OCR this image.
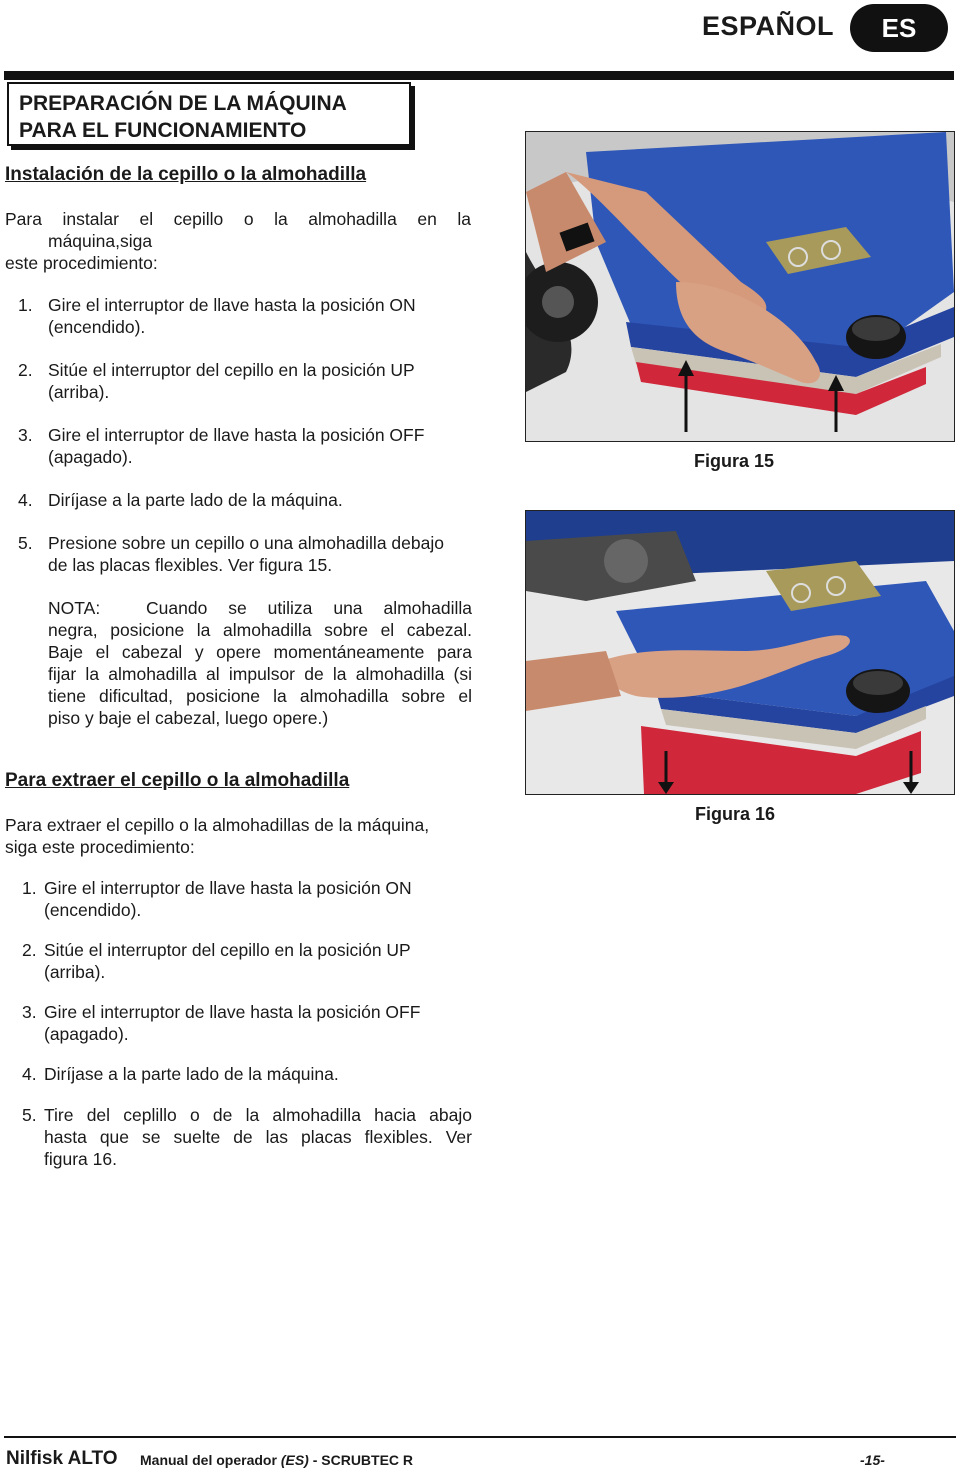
ESPAÑOL	ES
PREPARACIÓN DE LA MÁQUINA
PARA EL FUNCIONAMIENTO
Instalación de la cepillo o la almohadilla
Para instalar el cepillo o la almohadilla en la
máquina,siga
este procedimiento:
1. Gire el interruptor de llave hasta la posición ON
(encendido).
2. Sitúe el interruptor del cepillo en la posición UP
(arriba).
3. Gire el interruptor de llave hasta la posición OFF
(apagado).
4. Diríjase a la parte lado de la máquina.
5. Presione sobre un cepillo o una almohadilla debajo
de las placas flexibles. Ver figura 15.
NOTA:	Cuando se utiliza una almohadilla
negra, posicione la almohadilla sobre el cabezal.
Baje el cabezal y opere momentáneamente para
fijar la almohadilla al impulsor de la almohadilla (si
tiene dificultad, posicione la almohadilla sobre el
piso y baje el cabezal, luego opere.)
Para extraer el cepillo o la almohadilla
Para extraer el cepillo o la almohadillas de la máquina,
siga este procedimiento:
1. Gire el interruptor de llave hasta la posición ON
(encendido).
2. Sitúe el interruptor del cepillo en la posición UP
(arriba).
3. Gire el interruptor de llave hasta la posición OFF
(apagado).
4. Diríjase a la parte lado de la máquina.
5. Tire del ceplillo o de la almohadilla hacia abajo
hasta que se suelte de las placas flexibles. Ver
figura 16.
Figura 15
Figura 16
Nilfisk ALTO Manual del operador (ES) - SCRUBTEC R	-15-
